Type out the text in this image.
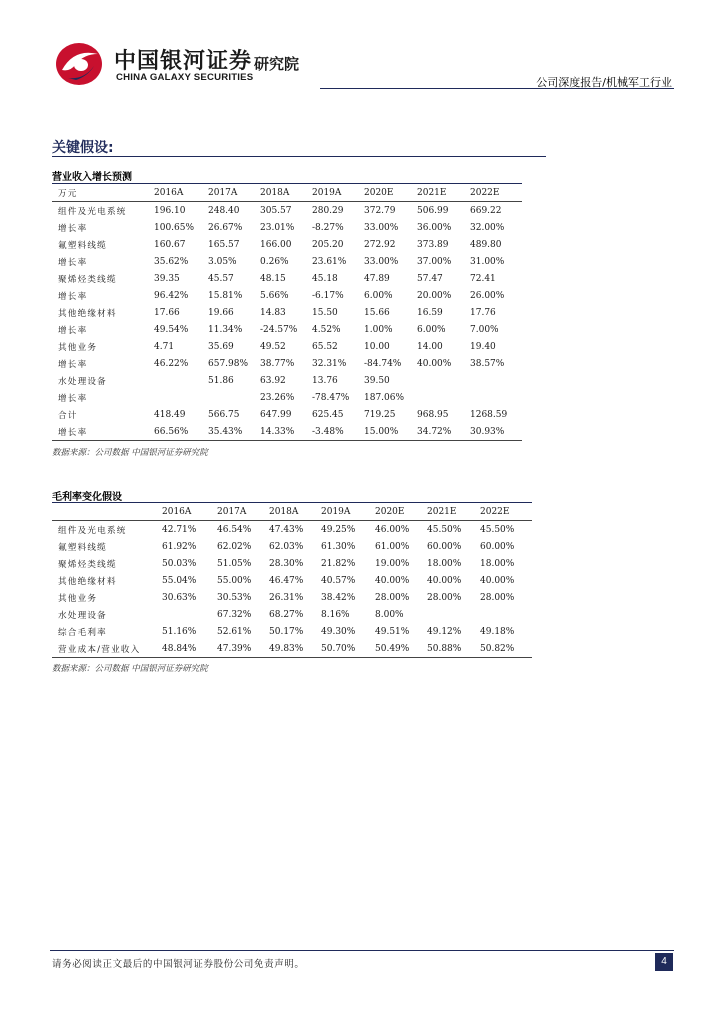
中国银河证券
CHINA GALAXY SECURITIES
研究院
公司深度报告/机械军工行业
关键假设:
营业收入增长预测
万元	2016A	2017A	2018A	2019A	2020E	2021E	2022E
组件及光电系统	196.10	248.40	305.57	280.29	372.79	506.99	669.22
增长率	100.65%	26.67%	23.01%	-8.27%	33.00%	36.00%	32.00%
氟塑料线缆	160.67	165.57	166.00	205.20	272.92	373.89	489.80
增长率	35.62%	3.05%	0.26%	23.61%	33.00%	37.00%	31.00%
聚烯烃类线缆	39.35	45.57	48.15	45.18	47.89	57.47	72.41
增长率	96.42%	15.81%	5.66%	-6.17%	6.00%	20.00%	26.00%
其他绝缘材料	17.66	19.66	14.83	15.50	15.66	16.59	17.76
增长率	49.54%	11.34%	-24.57%	4.52%	1.00%	6.00%	7.00%
其他业务	4.71	35.69	49.52	65.52	10.00	14.00	19.40
增长率	46.22%	657.98%	38.77%	32.31%	-84.74%	40.00%	38.57%
水处理设备		51.86	63.92	13.76	39.50		
增长率			23.26%	-78.47%	187.06%		
合计	418.49	566.75	647.99	625.45	719.25	968.95	1268.59
增长率	66.56%	35.43%	14.33%	-3.48%	15.00%	34.72%	30.93%
数据来源：公司数据 中国银河证券研究院
毛利率变化假设
	2016A	2017A	2018A	2019A	2020E	2021E	2022E
组件及光电系统	42.71%	46.54%	47.43%	49.25%	46.00%	45.50%	45.50%
氟塑料线缆	61.92%	62.02%	62.03%	61.30%	61.00%	60.00%	60.00%
聚烯烃类线缆	50.03%	51.05%	28.30%	21.82%	19.00%	18.00%	18.00%
其他绝缘材料	55.04%	55.00%	46.47%	40.57%	40.00%	40.00%	40.00%
其他业务	30.63%	30.53%	26.31%	38.42%	28.00%	28.00%	28.00%
水处理设备		67.32%	68.27%	8.16%	8.00%		
综合毛利率	51.16%	52.61%	50.17%	49.30%	49.51%	49.12%	49.18%
营业成本/营业收入	48.84%	47.39%	49.83%	50.70%	50.49%	50.88%	50.82%
数据来源：公司数据 中国银河证券研究院
请务必阅读正文最后的中国银河证券股份公司免责声明。	4
